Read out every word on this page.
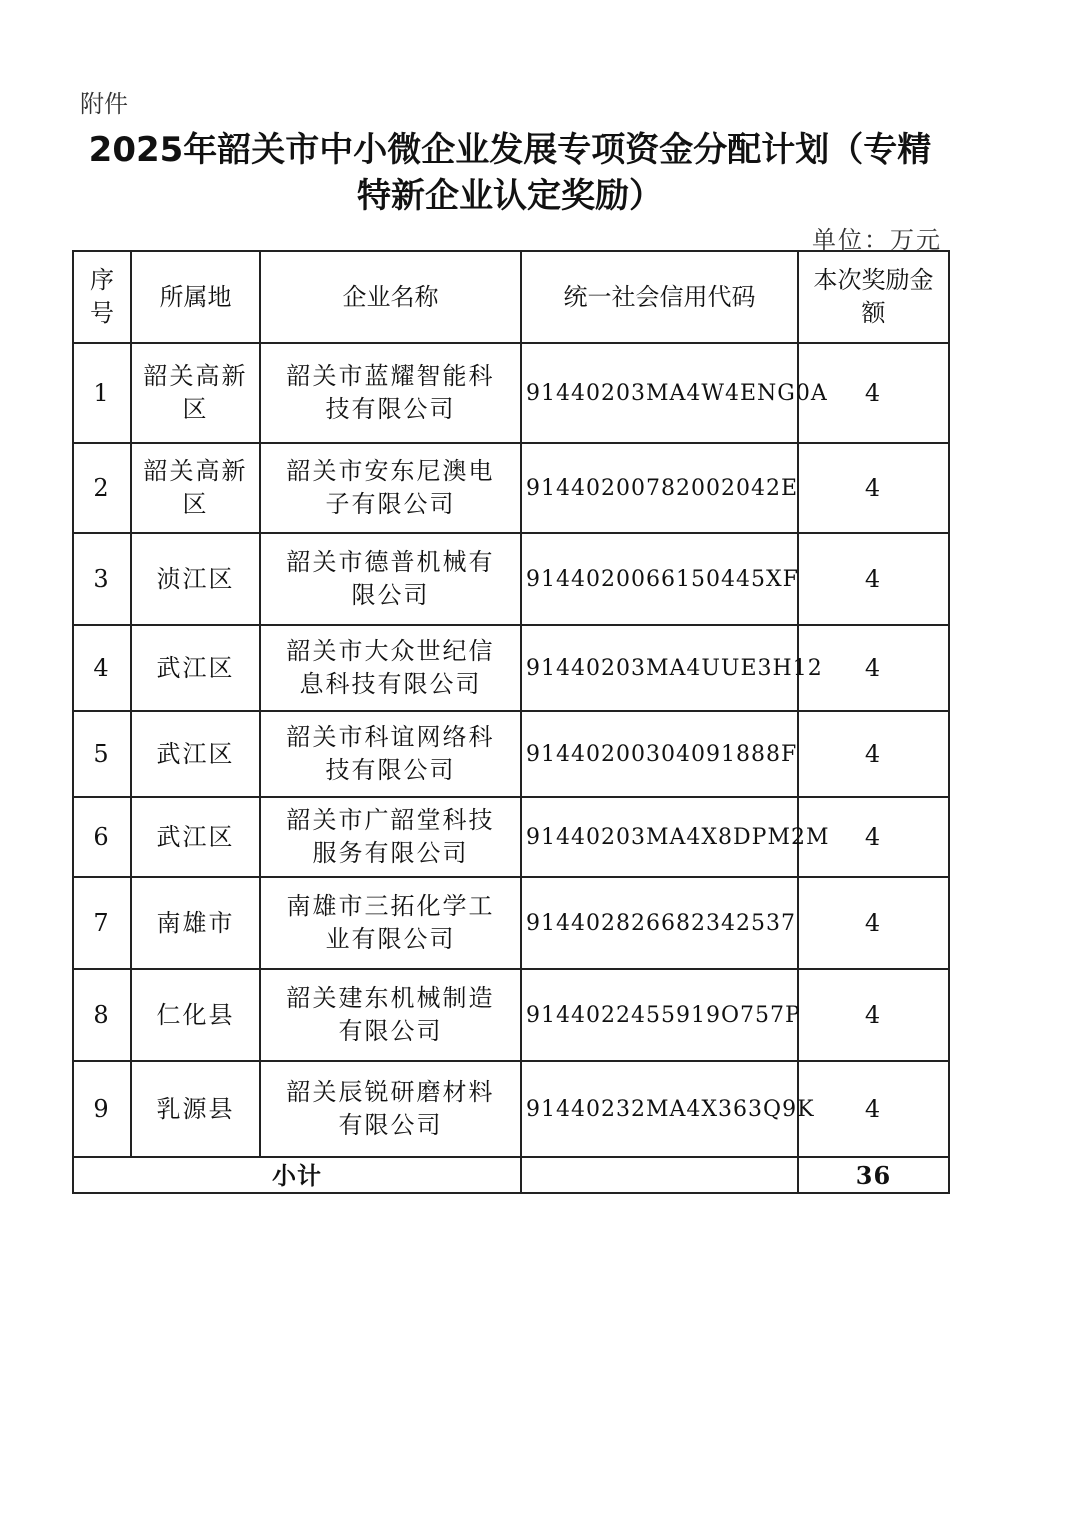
附件
2025年韶关市中小微企业发展专项资金分配计划（专精
特新企业认定奖励）
单位：万元
序号	所属地	企业名称	统一社会信用代码	本次奖励金额

1	韶关高新区	韶关市蓝耀智能科技有限公司	91440203MA4W4ENG0A	4
2	韶关高新区	韶关市安东尼澳电子有限公司	91440200782002042E	4
3	浈江区	韶关市德普机械有限公司	9144020066150445XF	4
4	武江区	韶关市大众世纪信息科技有限公司	91440203MA4UUE3H12	4
5	武江区	韶关市科谊网络科技有限公司	91440200304091888F	4
6	武江区	韶关市广韶堂科技服务有限公司	91440203MA4X8DPM2M	4
7	南雄市	南雄市三拓化学工业有限公司	914402826682342537	4
8	仁化县	韶关建东机械制造有限公司	9144022455919O757P	4
9	乳源县	韶关辰锐研磨材料有限公司	91440232MA4X363Q9K	4
小计				36
